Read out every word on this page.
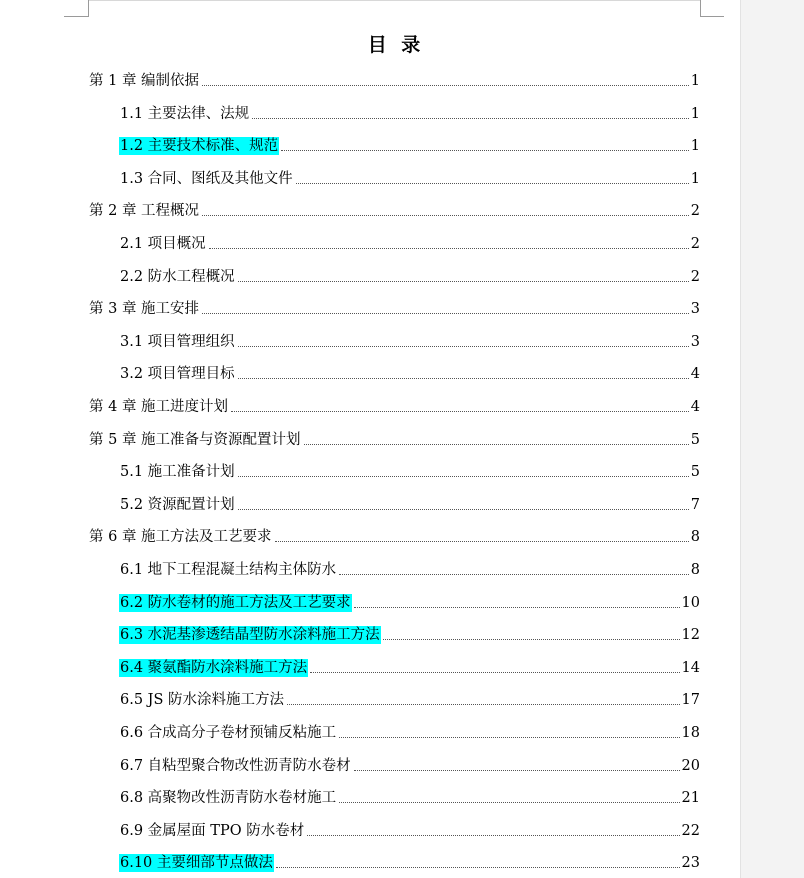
目 录
第 1 章 编制依据	1
1.1 主要法律、法规	1
1.2 主要技术标准、规范	1
1.3 合同、图纸及其他文件	1
第 2 章 工程概况	2
2.1 项目概况	2
2.2 防水工程概况	2
第 3 章 施工安排	3
3.1 项目管理组织	3
3.2 项目管理目标	4
第 4 章 施工进度计划	4
第 5 章 施工准备与资源配置计划	5
5.1 施工准备计划	5
5.2 资源配置计划	7
第 6 章 施工方法及工艺要求	8
6.1 地下工程混凝土结构主体防水	8
6.2 防水卷材的施工方法及工艺要求	10
6.3 水泥基渗透结晶型防水涂料施工方法	12
6.4 聚氨酯防水涂料施工方法	14
6.5 JS 防水涂料施工方法	17
6.6 合成高分子卷材预铺反粘施工	18
6.7 自粘型聚合物改性沥青防水卷材	20
6.8 高聚物改性沥青防水卷材施工	21
6.9 金属屋面 TPO 防水卷材	22
6.10 主要细部节点做法	23
